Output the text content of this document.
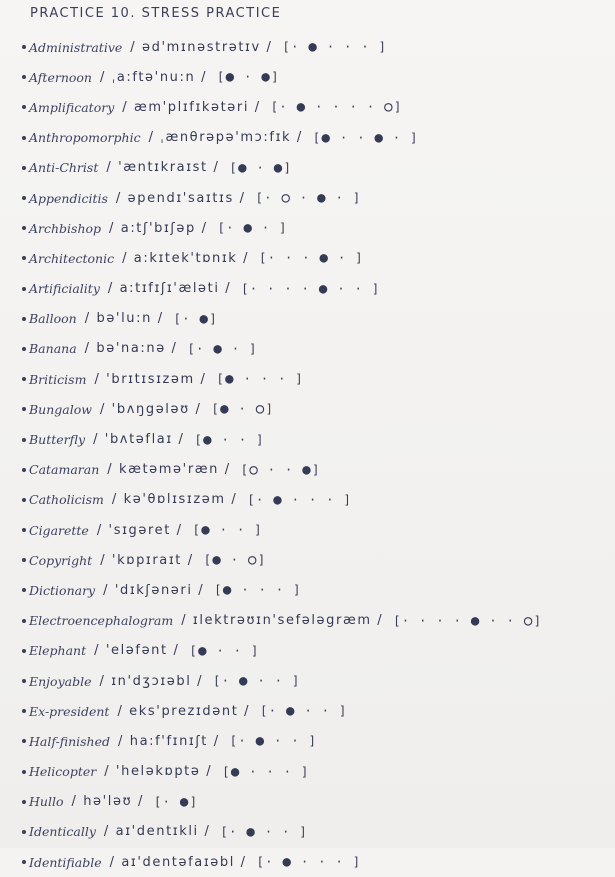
PRACTICE 10. STRESS PRACTICE
Administrative / əd'mɪnəstrətɪv / [· ● · · · ]
Afternoon / ˌa:ftə'nu:n / [● · ●]
Amplificatory / æm'plɪfɪkətəri / [· ● · · · · ○]
Anthropomorphic / ˌænθrəpə'mɔ:fɪk / [● · · ● · ]
Anti-Christ / 'æntɪkraɪst / [● · ●]
Appendicitis / əpendɪ'saɪtɪs / [· ○ · ● · ]
Archbishop / a:tʃ'bɪʃəp / [· ● · ]
Architectonic / a:kɪtek'tɒnɪk / [· · · ● · ]
Artificiality / a:tɪfɪʃɪ'æləti / [· · · · ● · · ]
Balloon / bə'lu:n / [· ●]
Banana / bə'na:nə / [· ● · ]
Briticism / 'brɪtɪsɪzəm / [● · · · ]
Bungalow / 'bʌŋgələʊ / [● · ○]
Butterfly / 'bʌtəflaɪ / [● · · ]
Catamaran / kætəmə'ræn / [○ · · ●]
Catholicism / kə'θɒlɪsɪzəm / [· ● · · · ]
Cigarette / 'sɪgəret / [● · · ]
Copyright / 'kɒpɪraɪt / [● · ○]
Dictionary / 'dɪkʃənəri / [● · · · ]
Electroencephalogram / ɪlektrəʊɪn'sefələgræm / [· · · · ● · · ○]
Elephant / 'eləfənt / [● · · ]
Enjoyable / ɪn'dʒɔɪəbl / [· ● · · ]
Ex-president / eks'prezɪdənt / [· ● · · ]
Half-finished / ha:f'fɪnɪʃt / [· ● · · ]
Helicopter / 'heləkɒptə / [● · · · ]
Hullo / hə'ləʊ / [· ●]
Identically / aɪ'dentɪkli / [· ● · · ]
Identifiable / aɪ'dentəfaɪəbl / [· ● · · · ]
